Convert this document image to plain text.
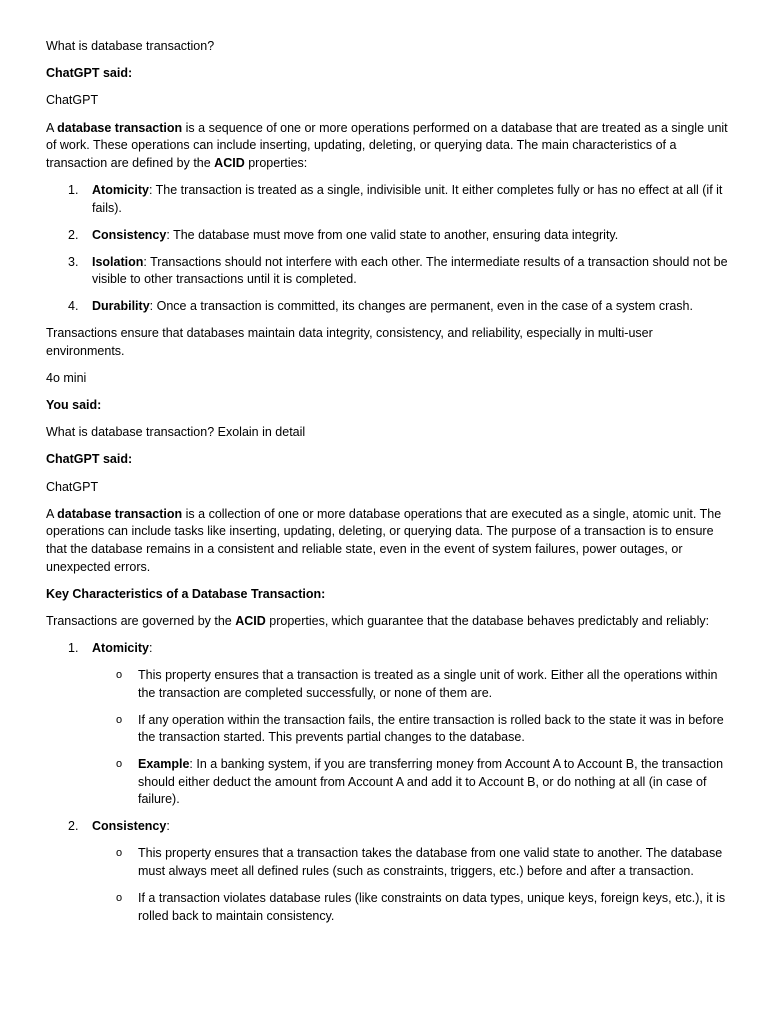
What is database transaction?

ChatGPT said:

ChatGPT

A database transaction is a sequence of one or more operations performed on a database that are treated as a single unit of work. These operations can include inserting, updating, deleting, or querying data. The main characteristics of a transaction are defined by the ACID properties:

1. Atomicity: The transaction is treated as a single, indivisible unit. It either completes fully or has no effect at all (if it fails).
2. Consistency: The database must move from one valid state to another, ensuring data integrity.
3. Isolation: Transactions should not interfere with each other. The intermediate results of a transaction should not be visible to other transactions until it is completed.
4. Durability: Once a transaction is committed, its changes are permanent, even in the case of a system crash.

Transactions ensure that databases maintain data integrity, consistency, and reliability, especially in multi-user environments.

4o mini

You said:

What is database transaction? Exolain in detail

ChatGPT said:

ChatGPT

A database transaction is a collection of one or more database operations that are executed as a single, atomic unit. The operations can include tasks like inserting, updating, deleting, or querying data. The purpose of a transaction is to ensure that the database remains in a consistent and reliable state, even in the event of system failures, power outages, or unexpected errors.

Key Characteristics of a Database Transaction:

Transactions are governed by the ACID properties, which guarantee that the database behaves predictably and reliably:

1. Atomicity:
o This property ensures that a transaction is treated as a single unit of work. Either all the operations within the transaction are completed successfully, or none of them are.
o If any operation within the transaction fails, the entire transaction is rolled back to the state it was in before the transaction started. This prevents partial changes to the database.
o Example: In a banking system, if you are transferring money from Account A to Account B, the transaction should either deduct the amount from Account A and add it to Account B, or do nothing at all (in case of failure).
2. Consistency:
o This property ensures that a transaction takes the database from one valid state to another. The database must always meet all defined rules (such as constraints, triggers, etc.) before and after a transaction.
o If a transaction violates database rules (like constraints on data types, unique keys, foreign keys, etc.), it is rolled back to maintain consistency.
